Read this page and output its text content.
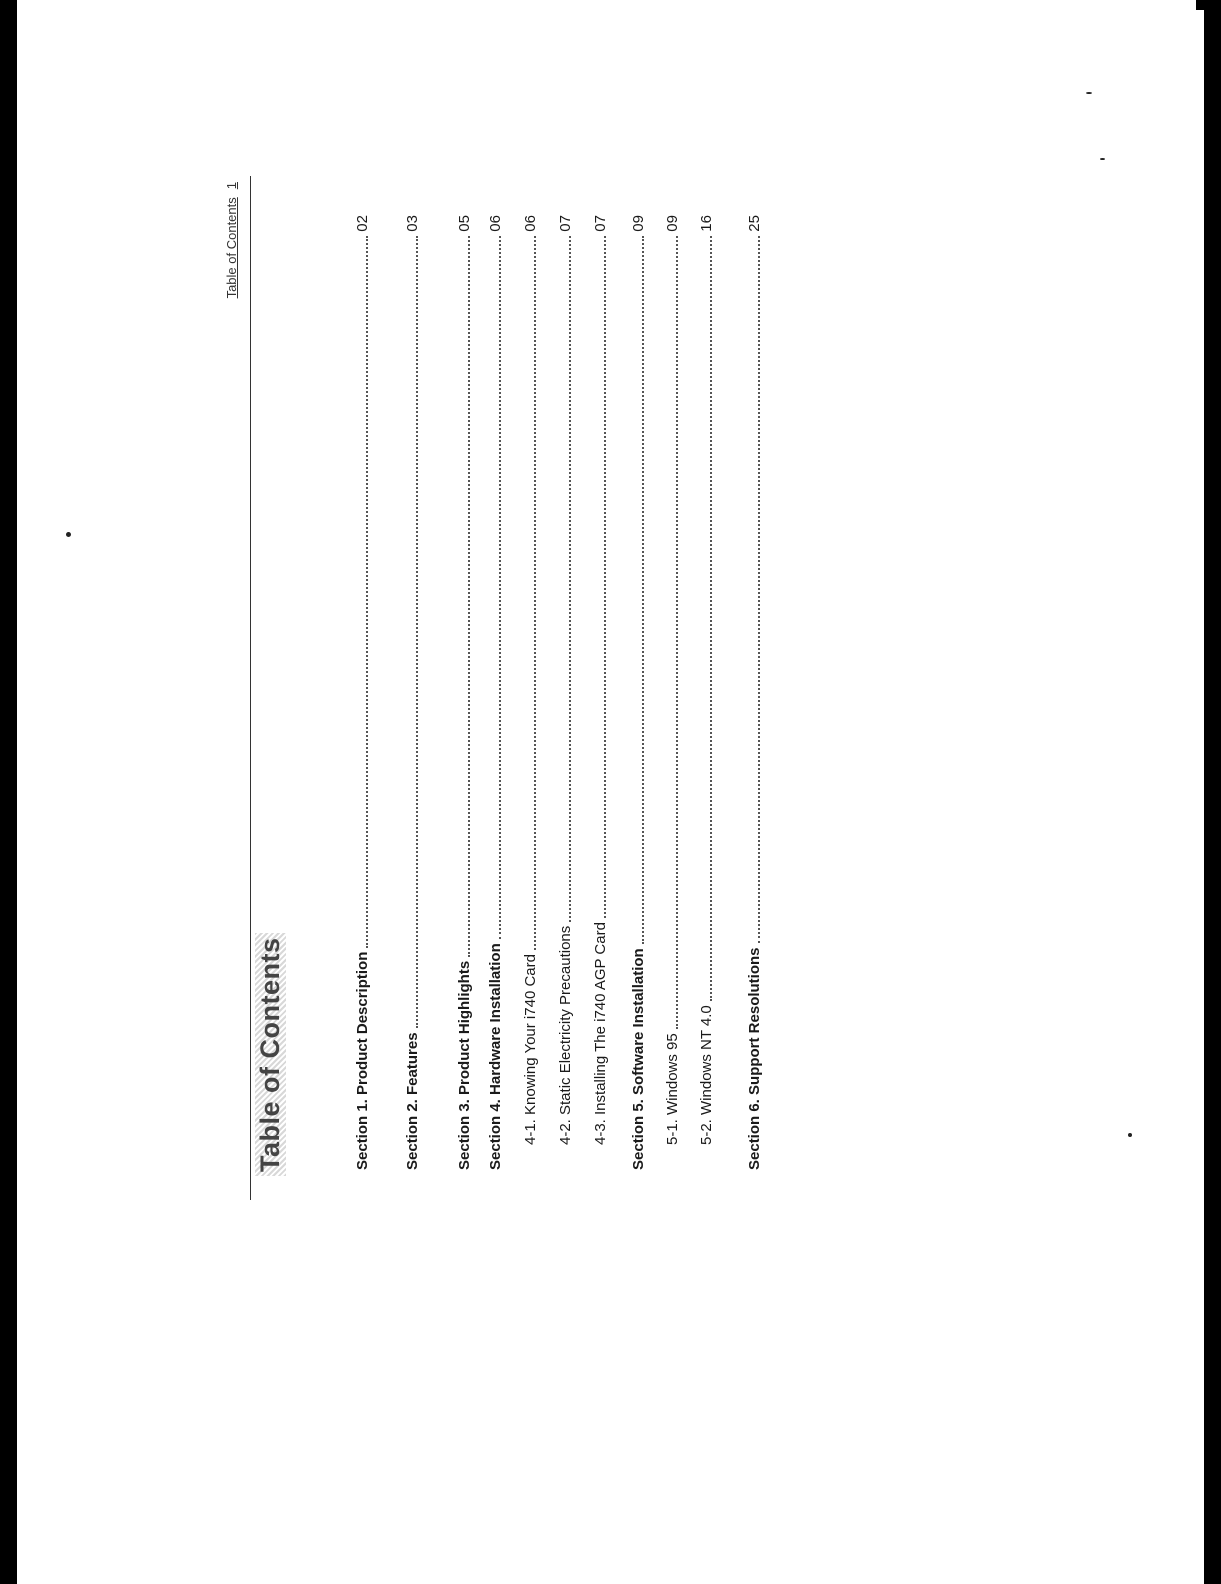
Table of Contents1
Table of Contents	Section 1. Product Description
02
Section 2. Features
03
Section 3. Product Highlights
05
Section 4. Hardware Installation
06
4-1. Knowing Your i740 Card
06
4-2. Static Electricity Precautions
07
4-3. Installing The i740 AGP Card
07
Section 5. Software Installation
09
5-1. Windows 95
09
5-2. Windows NT 4.0
16
Section 6. Support Resolutions
25
